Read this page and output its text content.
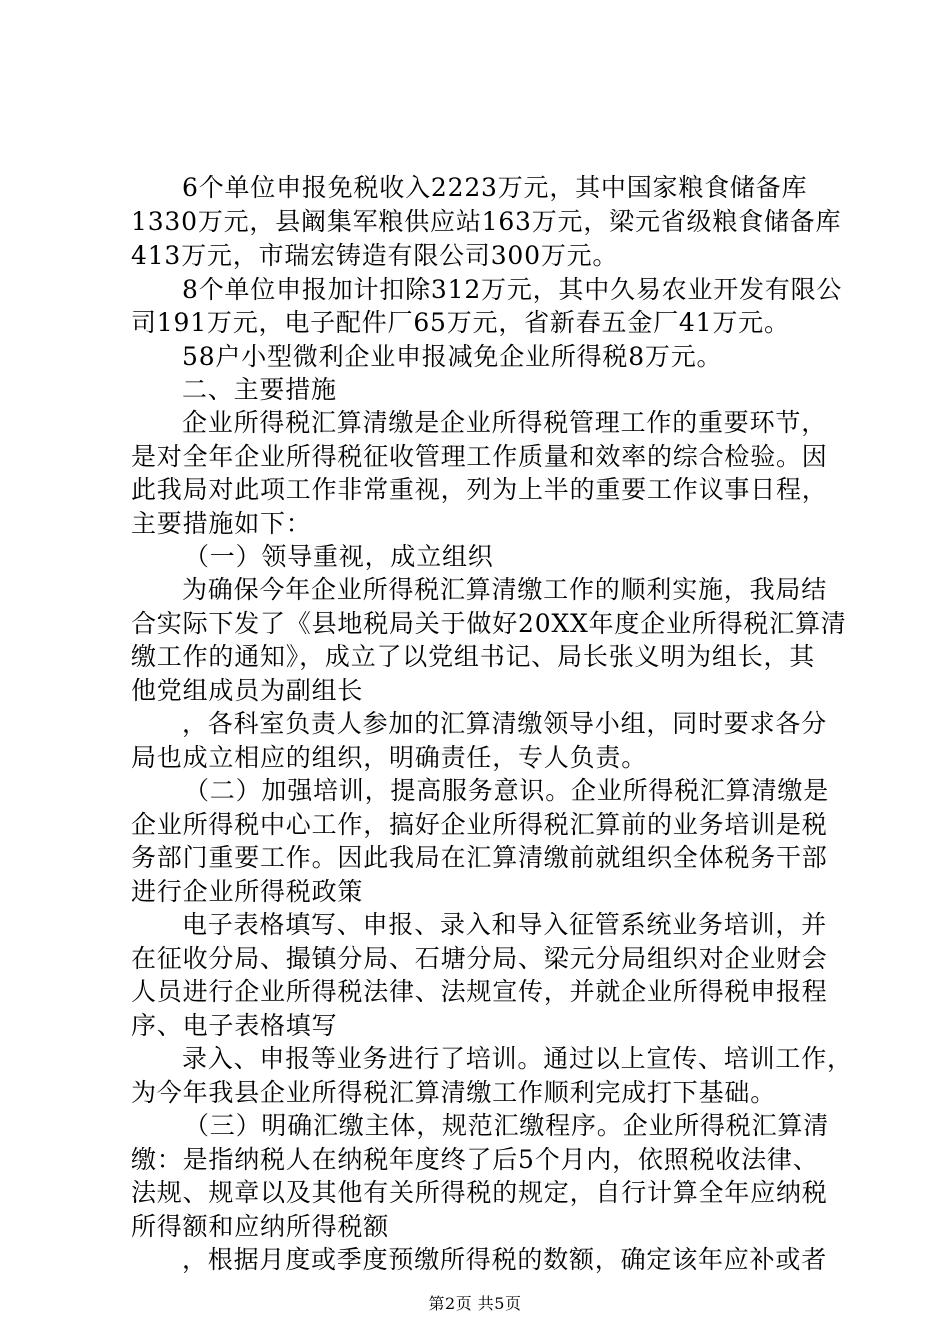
6个单位申报免税收入2223万元，其中国家粮食储备库
1330万元，县阚集军粮供应站163万元，梁元省级粮食储备库
413万元，市瑞宏铸造有限公司300万元。
8个单位申报加计扣除312万元，其中久易农业开发有限公
司191万元，电子配件厂65万元，省新春五金厂41万元。
58户小型微利企业申报减免企业所得税8万元。
二、主要措施
企业所得税汇算清缴是企业所得税管理工作的重要环节，
是对全年企业所得税征收管理工作质量和效率的综合检验。因
此我局对此项工作非常重视，列为上半的重要工作议事日程，
主要措施如下：
（一）领导重视，成立组织
为确保今年企业所得税汇算清缴工作的顺利实施，我局结
合实际下发了《县地税局关于做好20XX年度企业所得税汇算清
缴工作的通知》，成立了以党组书记、局长张义明为组长，其
他党组成员为副组长
，各科室负责人参加的汇算清缴领导小组，同时要求各分
局也成立相应的组织，明确责任，专人负责。
（二）加强培训，提高服务意识。企业所得税汇算清缴是
企业所得税中心工作，搞好企业所得税汇算前的业务培训是税
务部门重要工作。因此我局在汇算清缴前就组织全体税务干部
进行企业所得税政策
电子表格填写、申报、录入和导入征管系统业务培训，并
在征收分局、撮镇分局、石塘分局、梁元分局组织对企业财会
人员进行企业所得税法律、法规宣传，并就企业所得税申报程
序、电子表格填写
录入、申报等业务进行了培训。通过以上宣传、培训工作，
为今年我县企业所得税汇算清缴工作顺利完成打下基础。
（三）明确汇缴主体，规范汇缴程序。企业所得税汇算清
缴：是指纳税人在纳税年度终了后5个月内，依照税收法律、
法规、规章以及其他有关所得税的规定，自行计算全年应纳税
所得额和应纳所得税额
，根据月度或季度预缴所得税的数额，确定该年应补或者
第2页 共5页
